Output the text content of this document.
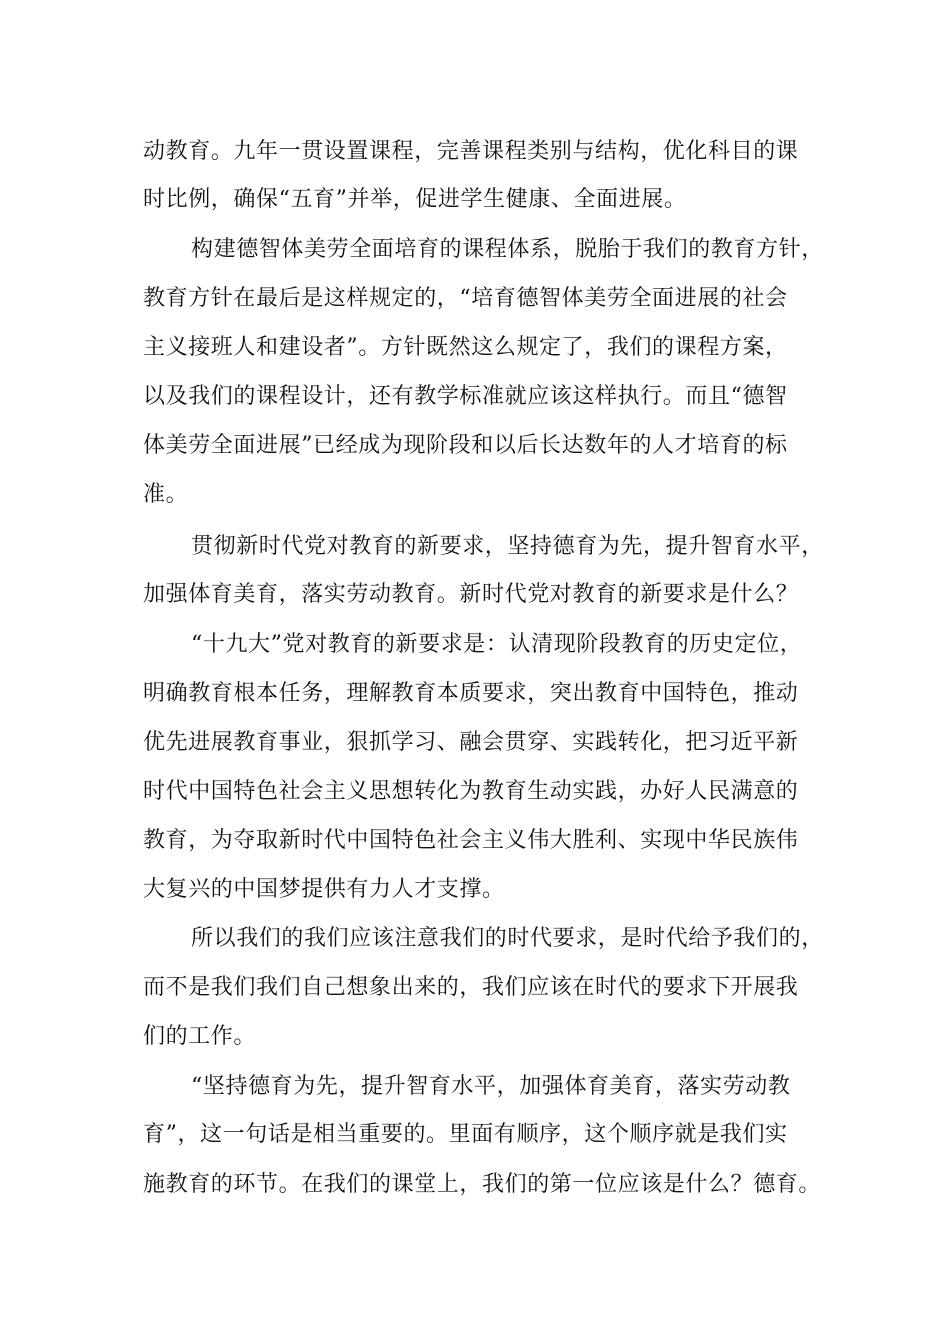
动教育。九年一贯设置课程，完善课程类别与结构，优化科目的课
时比例，确保“五育”并举，促进学生健康、全面进展。
构建德智体美劳全面培育的课程体系，脱胎于我们的教育方针，
教育方针在最后是这样规定的，“培育德智体美劳全面进展的社会
主义接班人和建设者”。方针既然这么规定了，我们的课程方案，
以及我们的课程设计，还有教学标准就应该这样执行。而且“德智
体美劳全面进展”已经成为现阶段和以后长达数年的人才培育的标
准。
贯彻新时代党对教育的新要求，坚持德育为先，提升智育水平，
加强体育美育，落实劳动教育。新时代党对教育的新要求是什么？
“十九大”党对教育的新要求是：认清现阶段教育的历史定位，
明确教育根本任务，理解教育本质要求，突出教育中国特色，推动
优先进展教育事业，狠抓学习、融会贯穿、实践转化，把习近平新
时代中国特色社会主义思想转化为教育生动实践，办好人民满意的
教育，为夺取新时代中国特色社会主义伟大胜利、实现中华民族伟
大复兴的中国梦提供有力人才支撑。
所以我们的我们应该注意我们的时代要求，是时代给予我们的，
而不是我们我们自己想象出来的，我们应该在时代的要求下开展我
们的工作。
“坚持德育为先，提升智育水平，加强体育美育，落实劳动教
育”，这一句话是相当重要的。里面有顺序，这个顺序就是我们实
施教育的环节。在我们的课堂上，我们的第一位应该是什么？德育。
